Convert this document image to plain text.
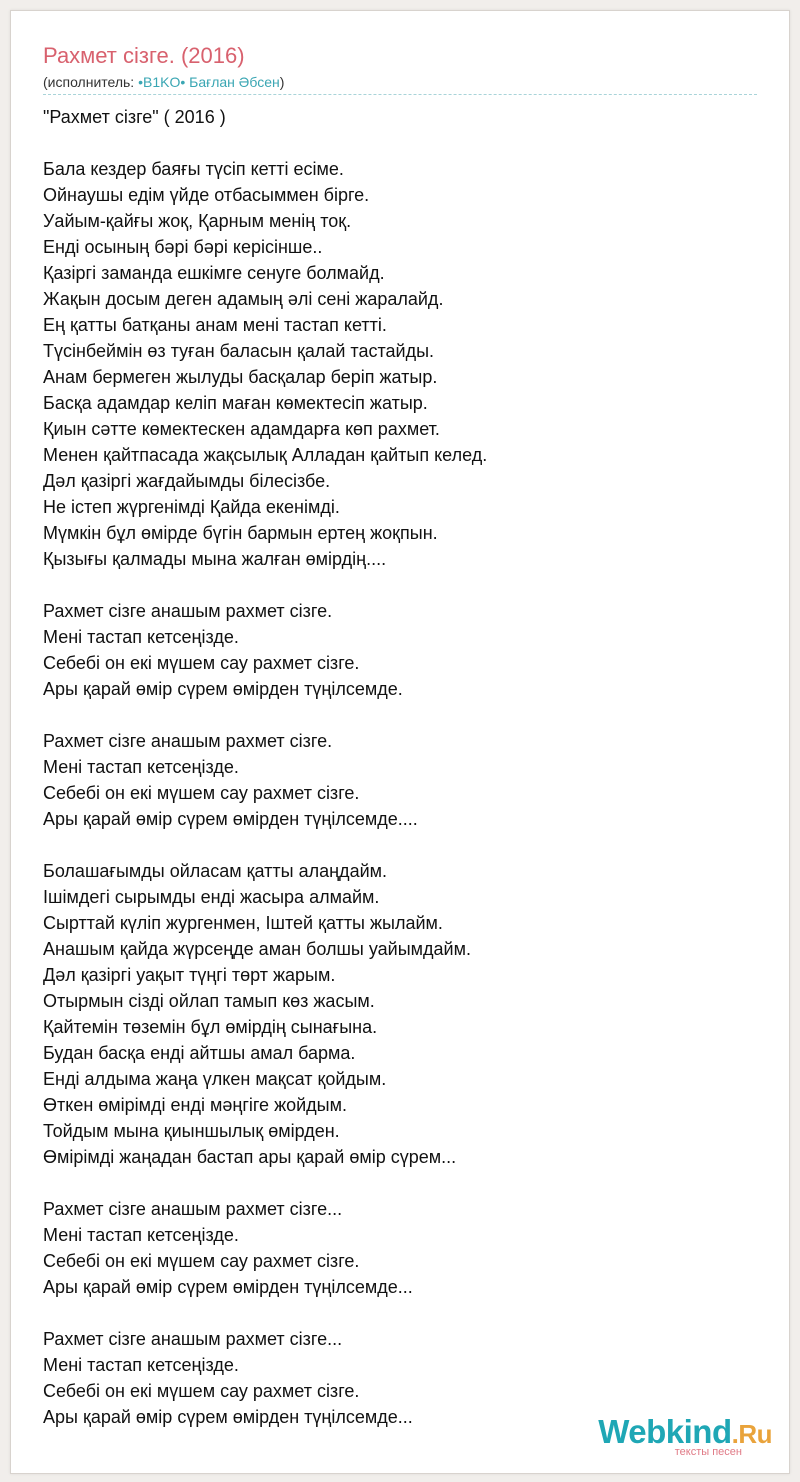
Рахмет сізге. (2016)
(исполнитель: •B1KO• Бағлан Әбсен)
"Рахмет сізге" ( 2016 )
Бала кездер баяғы түсіп кетті есіме.
Ойнаушы едім үйде отбасыммен бірге.
Уайым-қайғы жоқ, Қарным менің тоқ.
Енді осының бәрі бәрі керісінше..
Қазіргі заманда ешкімге сенуге болмайд.
Жақын досым деген адамың әлі сені жаралайд.
Ең қатты батқаны анам мені тастап кетті.
Түсінбеймін өз туған баласын қалай тастайды.
Анам бермеген жылуды басқалар беріп жатыр.
Басқа адамдар келіп маған көмектесіп жатыр.
Қиын сәтте көмектескен адамдарға көп рахмет.
Менен қайтпасада жақсылық Алладан қайтып келед.
Дәл қазіргі жағдайымды білесізбе.
Не істеп жүргенімді Қайда екенімді.
Мүмкін бұл өмірде бүгін бармын ертең жоқпын.
Қызығы қалмады мына жалған өмірдің....
Рахмет сізге анашым рахмет сізге.
Мені тастап кетсеңізде.
Себебі он екі мүшем сау рахмет сізге.
Ары қарай өмір сүрем өмірден түңілсемде.
Рахмет сізге анашым рахмет сізге.
Мені тастап кетсеңізде.
Себебі он екі мүшем сау рахмет сізге.
Ары қарай өмір сүрем өмірден түңілсемде....
Болашағымды ойласам қатты алаңдайм.
Ішімдегі сырымды енді жасыра алмайм.
Сырттай күліп жургенмен, Іштей қатты жылайм.
Анашым қайда жүрсеңде аман болшы уайымдайм.
Дәл қазіргі уақыт түңгі төрт жарым.
Отырмын сізді ойлап тамып көз жасым.
Қайтемін төземін бұл өмірдің сынағына.
Будан басқа енді айтшы амал барма.
Енді алдыма жаңа үлкен мақсат қойдым.
Өткен өмірімді енді мәңгіге жойдым.
Тойдым мына қиыншылық өмірден.
Өмірімді жаңадан бастап ары қарай өмір сүрем...
Рахмет сізге анашым рахмет сізге...
Мені тастап кетсеңізде.
Себебі он екі мүшем сау рахмет сізге.
Ары қарай өмір сүрем өмірден түңілсемде...
Рахмет сізге анашым рахмет сізге...
Мені тастап кетсеңізде.
Себебі он екі мүшем сау рахмет сізге.
Ары қарай өмір сүрем өмірден түңілсемде...	Webkind.Ru
тексты песен
